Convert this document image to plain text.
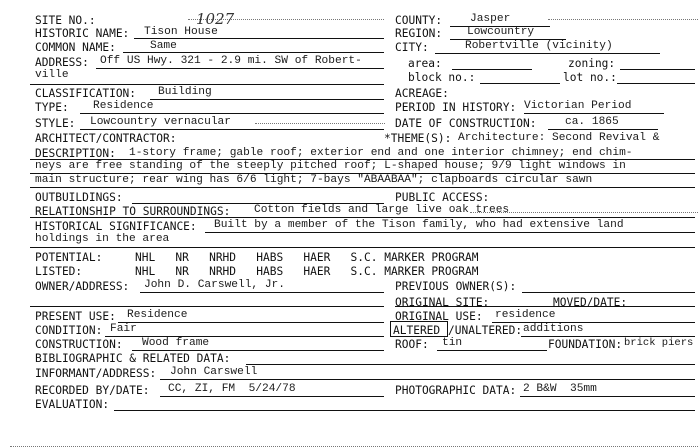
SITE NO.:	1027
HISTORIC NAME: Tison House
COMMON NAME:	Same
ADDRESS: Off US Hwy. 321 - 2.9 mi. SW of Robert-
ville
CLASSIFICATION: Building
TYPE: Residence
STYLE: Lowcountry vernacular
ARCHITECT/CONTRACTOR:
COUNTY: Jasper
REGION: Lowcountry
CITY:	Robertville (vicinity)
area:	zoning:
block no.:	lot no.:
ACREAGE:
PERIOD IN HISTORY: Victorian Period
DATE OF CONSTRUCTION:	ca. 1865
*THEME(S): Architecture: Second Revival &
DESCRIPTION: 1-story frame; gable roof; exterior end and one interior chimney; end chim-
neys are free standing of the steeply pitched roof; L-shaped house; 9/9 light windows in
main structure; rear wing has 6/6 light; 7-bays "ABAABAA"; clapboards circular sawn
OUTBUILDINGS:	PUBLIC ACCESS:
RELATIONSHIP TO SURROUNDINGS: Cotton fields and large live oak trees
HISTORICAL SIGNIFICANCE: Built by a member of the Tison family, who had extensive land
holdings in the area
POTENTIAL:	NHL   NR   NRHD   HABS   HAER   S.C. MARKER PROGRAM
LISTED:	NHL   NR   NRHD   HABS   HAER   S.C. MARKER PROGRAM
OWNER/ADDRESS: John D. Carswell, Jr.	PREVIOUS OWNER(S):
ORIGINAL SITE:	MOVED/DATE:
PRESENT USE: Residence	ORIGINAL USE: residence
CONDITION: Fair	ALTERED /UNALTERED: additions
CONSTRUCTION: Wood frame	ROOF: tin	FOUNDATION: brick piers
BIBLIOGRAPHIC & RELATED DATA:
INFORMANT/ADDRESS: John Carswell
RECORDED BY/DATE: CC, ZI, FM  5/24/78	PHOTOGRAPHIC DATA: 2 B&W  35mm
EVALUATION:
